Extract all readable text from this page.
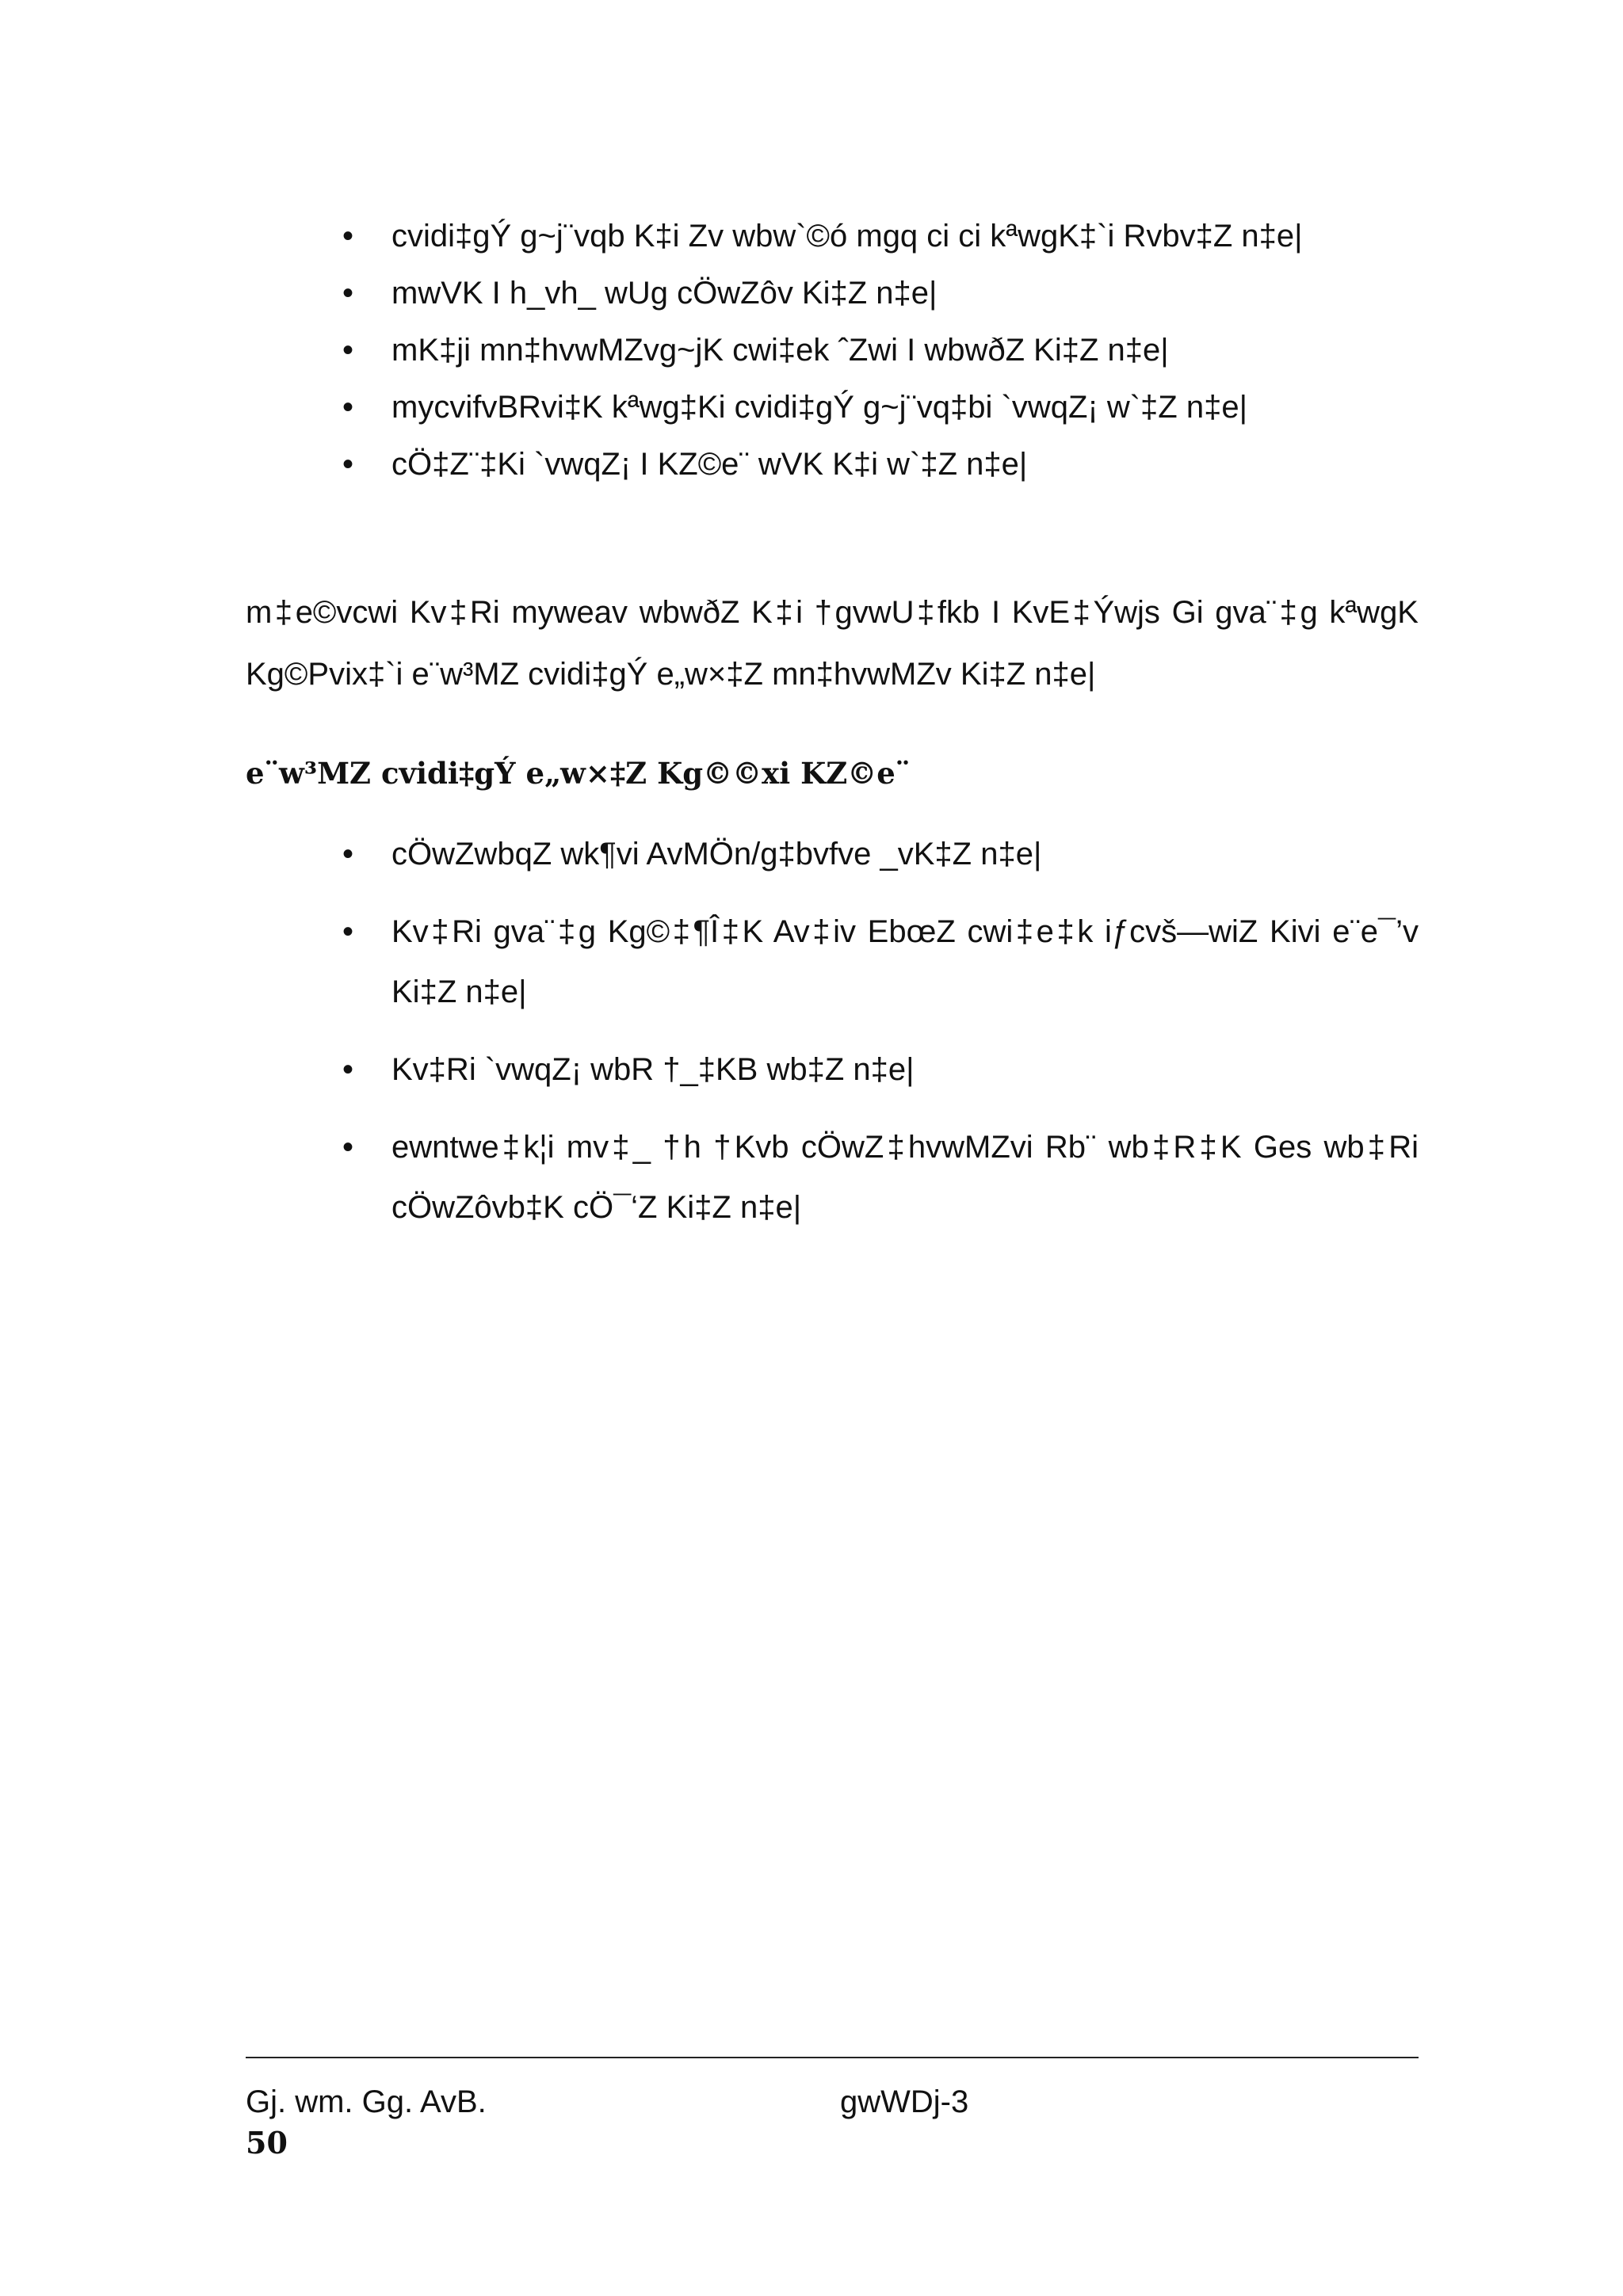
• cvidi‡gÝ g~j¨vqb K‡i Zv wbw`©ó mgq ci ci kªwgK‡`i Rvbv‡Z n‡e|
• mwVK I h_vh_ wUg cÖwZôv Ki‡Z n‡e|
• mK‡ji mn‡hvwMZvg~jK cwi‡ek ˆZwi I wbwðZ Ki‡Z n‡e|
• mycvifvBRvi‡K kªwg‡Ki cvidi‡gÝ g~j¨vq‡bi `vwqZ¡ w`‡Z n‡e|
• cÖ‡Z¨‡Ki `vwqZ¡ I KZ©e¨ wVK K‡i w`‡Z n‡e|

m‡e©vcwi Kv‡Ri myweav wbwðZ K‡i †gvwU‡fkb I KvE‡Ýwjs Gi gva¨‡g kªwgK Kg©Pvix‡`i e¨w³MZ cvidi‡gÝ e„w×‡Z mn‡hvwMZv Ki‡Z n‡e|

e¨w³MZ cvidi‡gÝ e„w×‡Z Kg©©xi KZ©e¨
• cÖwZwbqZ wk¶vi AvMÖn/g‡bvfve _vK‡Z n‡e|
• Kv‡Ri gva¨‡g Kg©‡¶Î‡K Av‡iv EbœZ cwi‡e‡k iƒcvš—wiZ Kivi e¨e¯’v Ki‡Z n‡e|
• Kv‡Ri `vwqZ¡ wbR †_‡KB wb‡Z n‡e|
• ewntwe‡k¦i mv‡_ †h †Kvb cÖwZ‡hvwMZvi Rb¨ wb‡R‡K Ges wb‡Ri cÖwZôvb‡K cÖ¯‘Z Ki‡Z n‡e|
Gj. wm. Gg. AvB.	gwWDj-3
50
